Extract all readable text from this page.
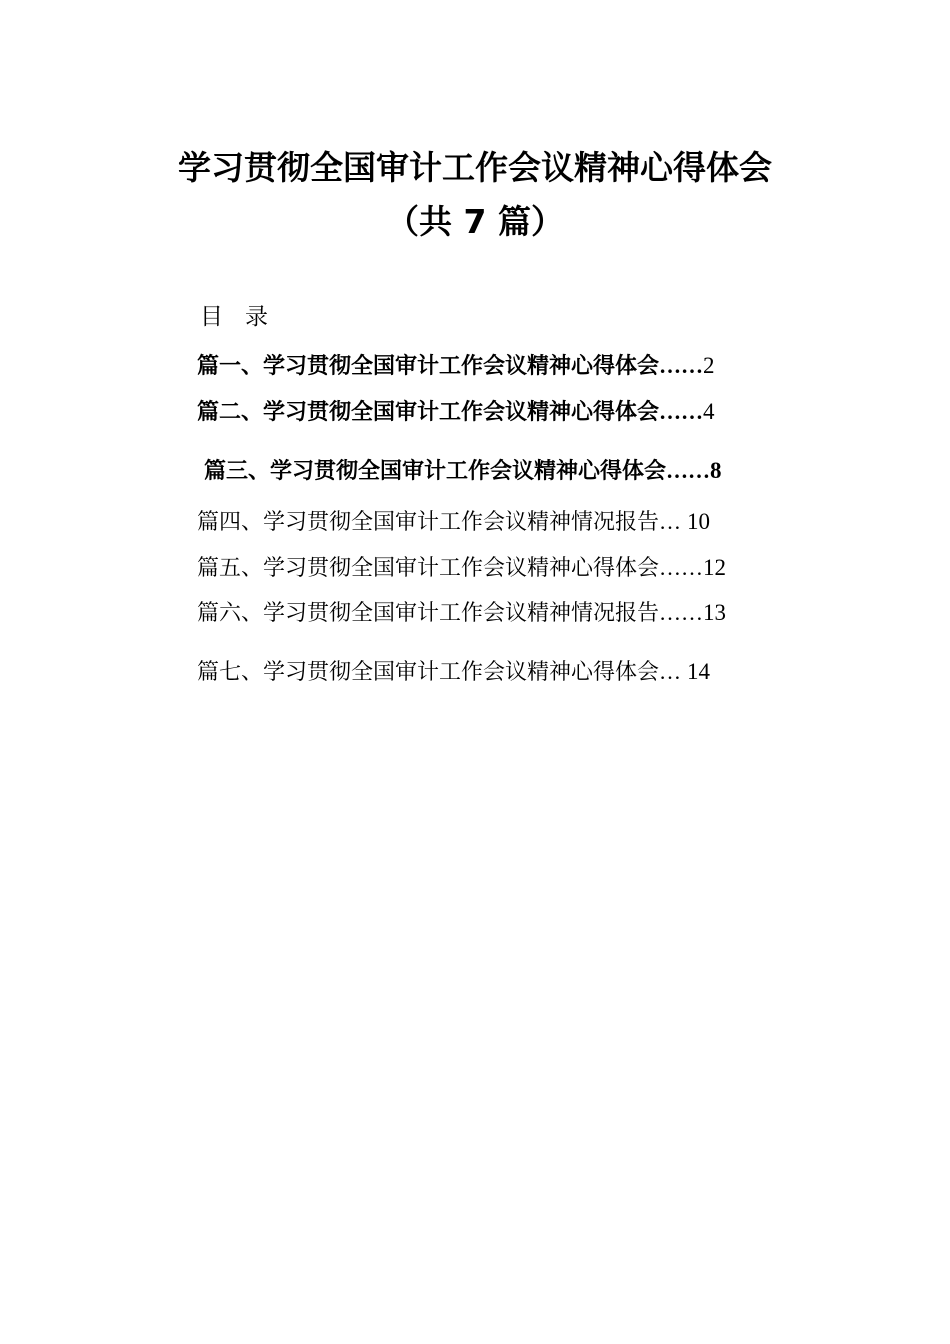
学习贯彻全国审计工作会议精神心得体会
（共 7 篇）
目录
篇一、学习贯彻全国审计工作会议精神心得体会 …… 2
篇二、学习贯彻全国审计工作会议精神心得体会 …… 4
篇三、学习贯彻全国审计工作会议精神心得体会 …… 8
篇四、学习贯彻全国审计工作会议精神情况报告 … 10
篇五、学习贯彻全国审计工作会议精神心得体会 …… 12
篇六、学习贯彻全国审计工作会议精神情况报告 …… 13
篇七、学习贯彻全国审计工作会议精神心得体会 … 14
